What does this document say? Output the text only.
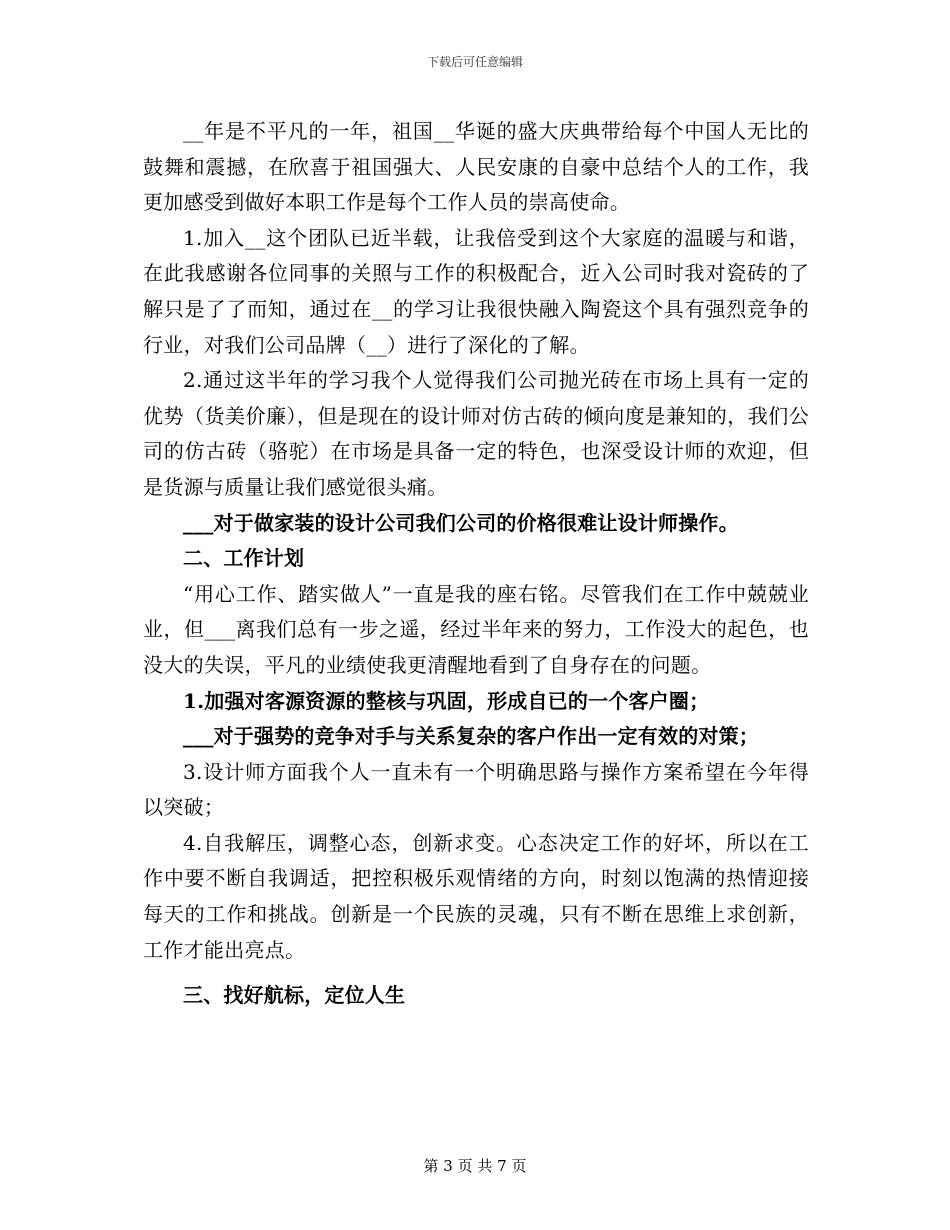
下载后可任意编辑

__年是不平凡的一年，祖国__华诞的盛大庆典带给每个中国人无比的鼓舞和震撼，在欣喜于祖国强大、人民安康的自豪中总结个人的工作，我更加感受到做好本职工作是每个工作人员的崇高使命。

1.加入__这个团队已近半载，让我倍受到这个大家庭的温暖与和谐，在此我感谢各位同事的关照与工作的积极配合，近入公司时我对瓷砖的了解只是了了而知，通过在__的学习让我很快融入陶瓷这个具有强烈竞争的行业，对我们公司品牌（__）进行了深化的了解。

2.通过这半年的学习我个人觉得我们公司抛光砖在市场上具有一定的优势（货美价廉），但是现在的设计师对仿古砖的倾向度是兼知的，我们公司的仿古砖（骆驼）在市场是具备一定的特色，也深受设计师的欢迎，但是货源与质量让我们感觉很头痛。

___对于做家装的设计公司我们公司的价格很难让设计师操作。

二、工作计划

“用心工作、踏实做人”一直是我的座右铭。尽管我们在工作中兢兢业业，但___离我们总有一步之遥，经过半年来的努力，工作没大的起色，也没大的失误，平凡的业绩使我更清醒地看到了自身存在的问题。

1.加强对客源资源的整核与巩固，形成自已的一个客户圈；

___对于强势的竞争对手与关系复杂的客户作出一定有效的对策；

3.设计师方面我个人一直未有一个明确思路与操作方案希望在今年得以突破；

4.自我解压，调整心态，创新求变。心态决定工作的好坏，所以在工作中要不断自我调适，把控积极乐观情绪的方向，时刻以饱满的热情迎接每天的工作和挑战。创新是一个民族的灵魂，只有不断在思维上求创新，工作才能出亮点。

三、找好航标，定位人生

第 3 页 共 7 页
